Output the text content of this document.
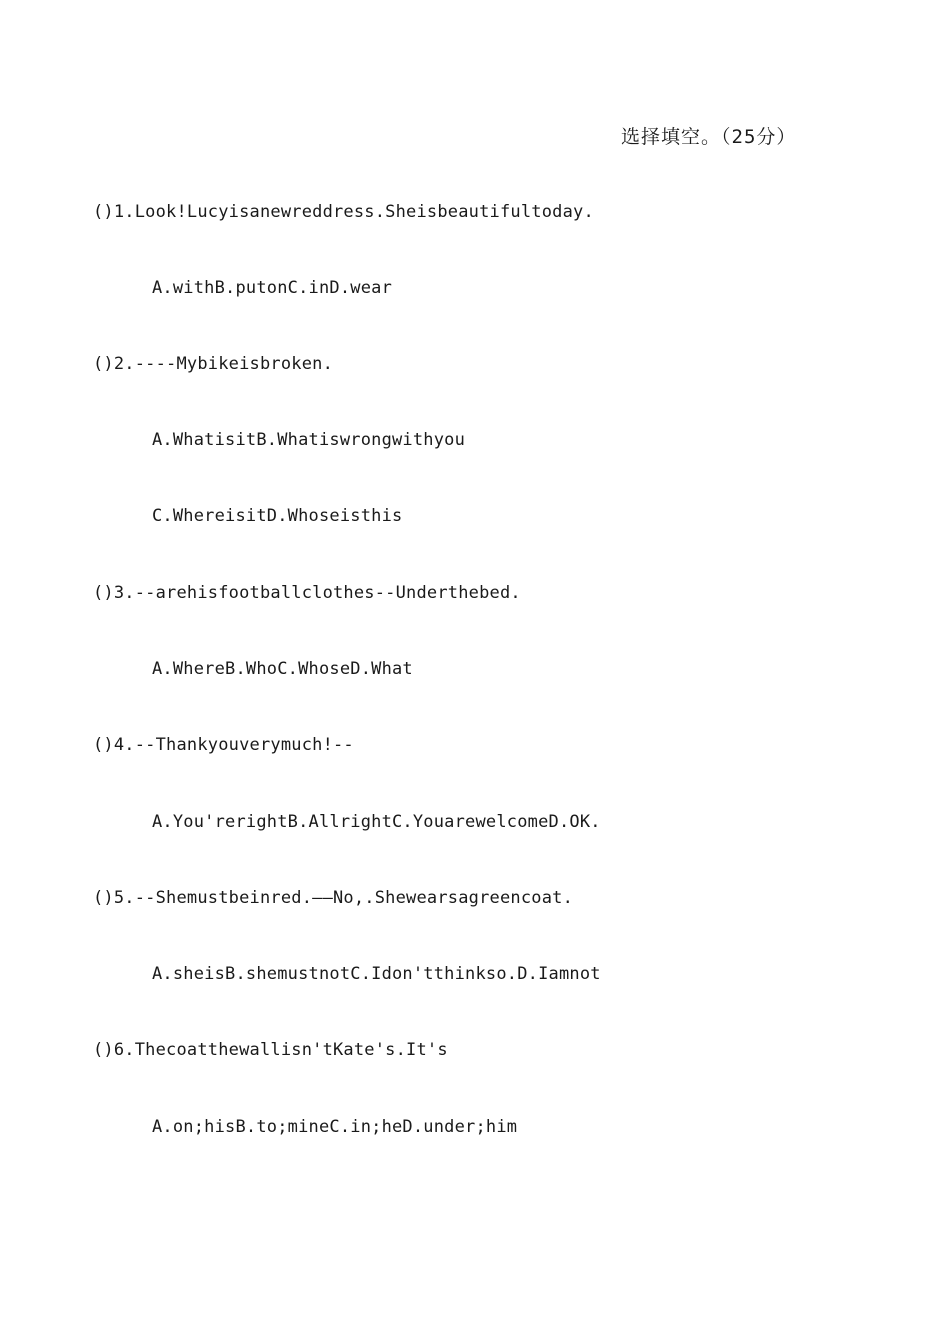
选择填空。（25分）
()1.Look!Lucyisanewreddress.Sheisbeautifultoday.
A.withB.putonC.inD.wear
()2.----Mybikeisbroken.
A.WhatisitB.Whatiswrongwithyou
C.WhereisitD.Whoseisthis
()3.--arehisfootballclothes--Underthebed.
A.WhereB.WhoC.WhoseD.What
()4.--Thankyouverymuch!--
A.You'rerightB.AllrightC.YouarewelcomeD.OK.
()5.--Shemustbeinred.——No,.Shewearsagreencoat.
A.sheisB.shemustnotC.Idon'tthinkso.D.Iamnot
()6.Thecoatthewallisn'tKate's.It's
A.on;hisB.to;mineC.in;heD.under;him
